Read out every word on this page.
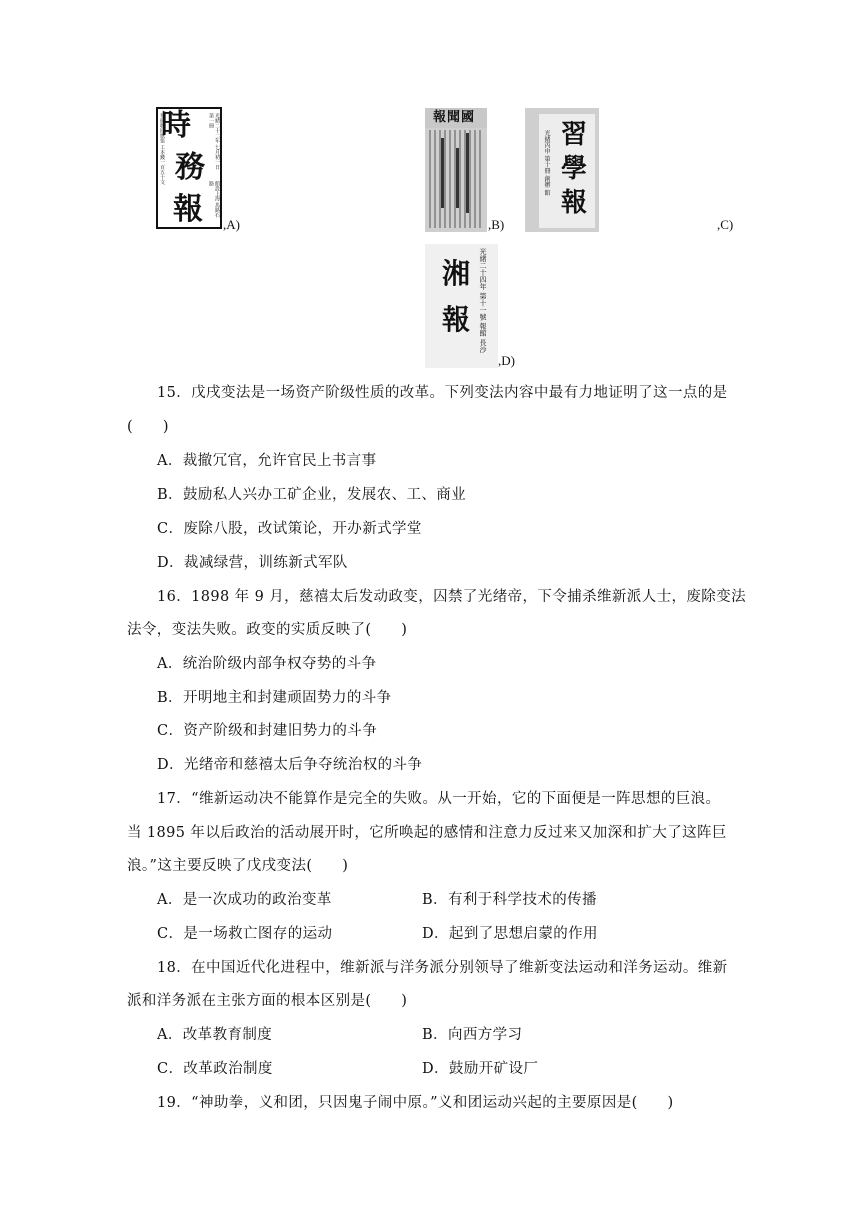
時
務
報
每冊收回紙張 工本錢一百五十文	光緒二十二年 七月初一日 第一冊
館設上海 馬路石路
,A)
報聞國
,B)
習
學
報
光緒丙申 第十冊 創辦 館
,C)
湘
報 光緒二十四年 第十一號 報館 長沙
,D)
15．戊戌变法是一场资产阶级性质的改革。下列变法内容中最有力地证明了这一点的是
(　　)
A．裁撤冗官，允许官民上书言事
B．鼓励私人兴办工矿企业，发展农、工、商业
C．废除八股，改试策论，开办新式学堂
D．裁减绿营，训练新式军队
16．1898 年 9 月，慈禧太后发动政变，囚禁了光绪帝，下令捕杀维新派人士，废除变法
法令，变法失败。政变的实质反映了(　　)
A．统治阶级内部争权夺势的斗争
B．开明地主和封建顽固势力的斗争
C．资产阶级和封建旧势力的斗争
D．光绪帝和慈禧太后争夺统治权的斗争
17．“维新运动决不能算作是完全的失败。从一开始，它的下面便是一阵思想的巨浪。
当 1895 年以后政治的活动展开时，它所唤起的感情和注意力反过来又加深和扩大了这阵巨
浪。”这主要反映了戊戌变法(　　)
A．是一次成功的政治变革	B．有利于科学技术的传播
C．是一场救亡图存的运动	D．起到了思想启蒙的作用
18．在中国近代化进程中，维新派与洋务派分别领导了维新变法运动和洋务运动。维新
派和洋务派在主张方面的根本区别是(　　)
A．改革教育制度	B．向西方学习
C．改革政治制度	D．鼓励开矿设厂
19．“神助拳，义和团，只因鬼子闹中原。”义和团运动兴起的主要原因是(　　)
